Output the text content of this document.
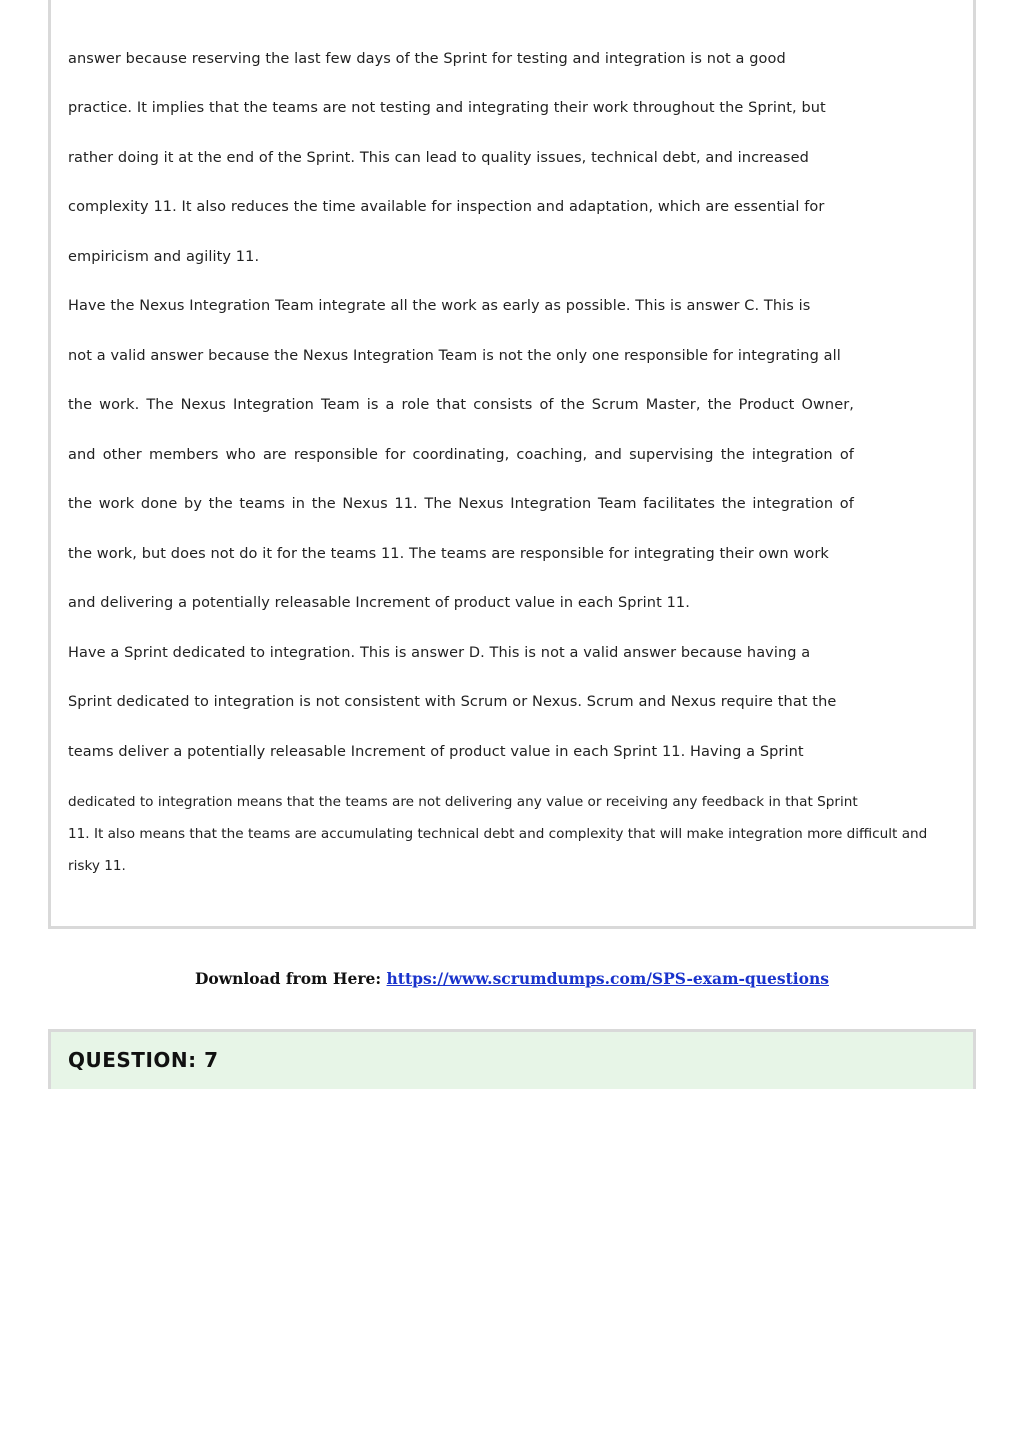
answer because reserving the last few days of the Sprint for testing and integration is not a good
practice. It implies that the teams are not testing and integrating their work throughout the Sprint, but
rather doing it at the end of the Sprint. This can lead to quality issues, technical debt, and increased
complexity 11. It also reduces the time available for inspection and adaptation, which are essential for
empiricism and agility 11.
Have the Nexus Integration Team integrate all the work as early as possible. This is answer C. This is
not a valid answer because the Nexus Integration Team is not the only one responsible for integrating all
the work. The Nexus Integration Team is a role that consists of the Scrum Master, the Product Owner,
and other members who are responsible for coordinating, coaching, and supervising the integration of
the work done by the teams in the Nexus 11. The Nexus Integration Team facilitates the integration of
the work, but does not do it for the teams 11. The teams are responsible for integrating their own work
and delivering a potentially releasable Increment of product value in each Sprint 11.
Have a Sprint dedicated to integration. This is answer D. This is not a valid answer because having a
Sprint dedicated to integration is not consistent with Scrum or Nexus. Scrum and Nexus require that the
teams deliver a potentially releasable Increment of product value in each Sprint 11. Having a Sprint
dedicated to integration means that the teams are not delivering any value or receiving any feedback in that Sprint
11. It also means that the teams are accumulating technical debt and complexity that will make integration more difficult and
risky 11.
Download from Here: https://www.scrumdumps.com/SPS-exam-questions
QUESTION: 7
